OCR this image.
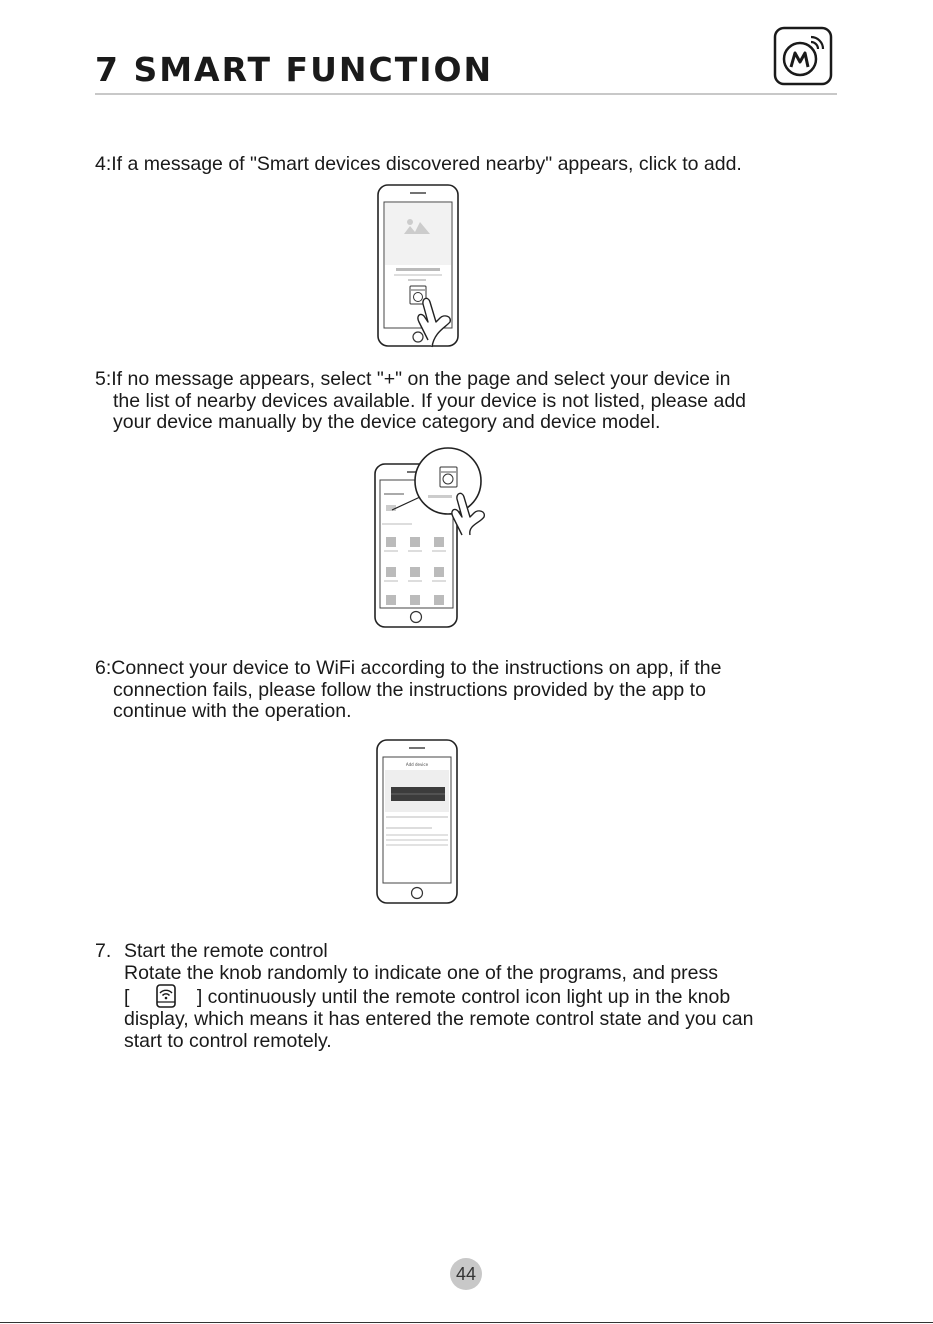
7 SMART FUNCTION
4:If a message of "Smart devices discovered nearby" appears, click to add.
5:If no message appears, select "+" on the page and select your device in
the list of nearby devices available. If your device is not listed, please add
your device manually by the device category and device model.
6:Connect your device to WiFi according to the instructions on app, if the
connection fails, please follow the instructions provided by the app to
continue with the operation.
Add device
7. Start the remote control
Rotate the knob randomly to indicate one of the programs, and press
[	] continuously until the remote control icon light up in the knob
display, which means it has entered the remote control state and you can
start to control remotely.
44
